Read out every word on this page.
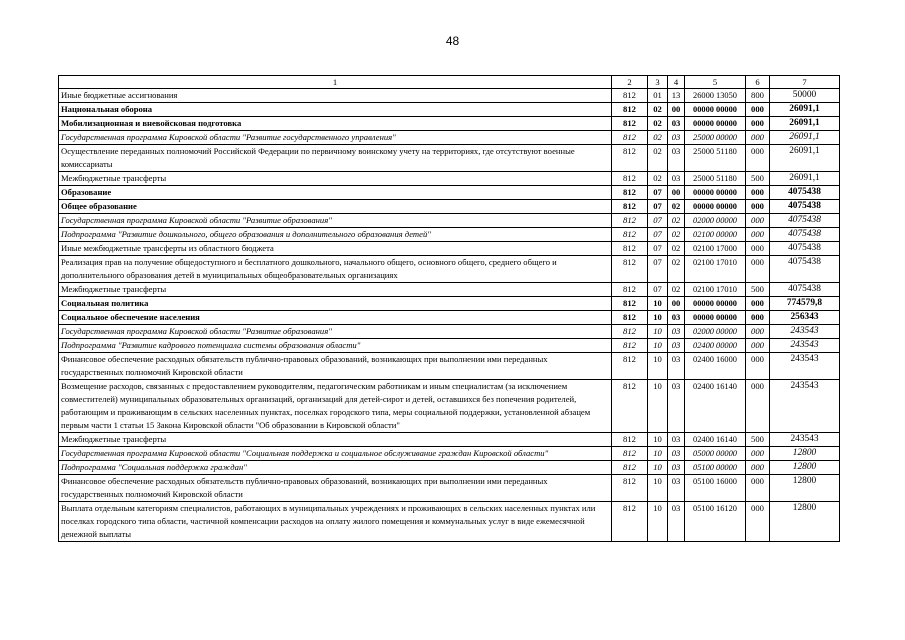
48
1	2	3	4	5	6	7
Иные бюджетные ассигнования	812	01	13	26000 13050	800	50000
Национальная оборона	812	02	00	00000 00000	000	26091,1
Мобилизационная и вневойсковая подготовка	812	02	03	00000 00000	000	26091,1
Государственная программа Кировской области "Развитие государственного управления"	812	02	03	25000 00000	000	26091,1
Осуществление переданных полномочий Российской Федерации по первичному воинскому учету на территориях, где отсутствуют военные комиссариаты	812	02	03	25000 51180	000	26091,1
Межбюджетные трансферты	812	02	03	25000 51180	500	26091,1
Образование	812	07	00	00000 00000	000	4075438
Общее образование	812	07	02	00000 00000	000	4075438
Государственная программа Кировской области "Развитие образования"	812	07	02	02000 00000	000	4075438
Подпрограмма "Развитие дошкольного, общего образования и дополнительного образования детей"	812	07	02	02100 00000	000	4075438
Иные межбюджетные трансферты из областного бюджета	812	07	02	02100 17000	000	4075438
Реализация прав на получение общедоступного и бесплатного дошкольного, начального общего, основного общего, среднего общего и дополнительного образования детей в муниципальных общеобразовательных организациях	812	07	02	02100 17010	000	4075438
Межбюджетные трансферты	812	07	02	02100 17010	500	4075438
Социальная политика	812	10	00	00000 00000	000	774579,8
Социальное обеспечение населения	812	10	03	00000 00000	000	256343
Государственная программа Кировской области "Развитие образования"	812	10	03	02000 00000	000	243543
Подпрограмма "Развитие кадрового потенциала системы образования области"	812	10	03	02400 00000	000	243543
Финансовое обеспечение расходных обязательств публично-правовых образований, возникающих при выполнении ими переданных государственных полномочий Кировской области	812	10	03	02400 16000	000	243543
Возмещение расходов, связанных с предоставлением руководителям, педагогическим работникам и иным специалистам (за исключением совместителей) муниципальных образовательных организаций, организаций для детей-сирот и детей, оставшихся без попечения родителей, работающим и проживающим в сельских населенных пунктах, поселках городского типа, меры социальной поддержки, установленной абзацем первым части 1 статьи 15 Закона Кировской области "Об образовании в Кировской области"	812	10	03	02400 16140	000	243543
Межбюджетные трансферты	812	10	03	02400 16140	500	243543
Государственная программа Кировской области "Социальная поддержка и социальное обслуживание граждан Кировской области"	812	10	03	05000 00000	000	12800
Подпрограмма "Социальная поддержка граждан"	812	10	03	05100 00000	000	12800
Финансовое обеспечение расходных обязательств публично-правовых образований, возникающих при выполнении ими переданных государственных полномочий Кировской области	812	10	03	05100 16000	000	12800
Выплата отдельным категориям специалистов, работающих в муниципальных учреждениях и проживающих в сельских населенных пунктах или поселках городского типа области, частичной компенсации расходов на оплату жилого помещения и коммунальных услуг в виде ежемесячной денежной выплаты	812	10	03	05100 16120	000	12800
